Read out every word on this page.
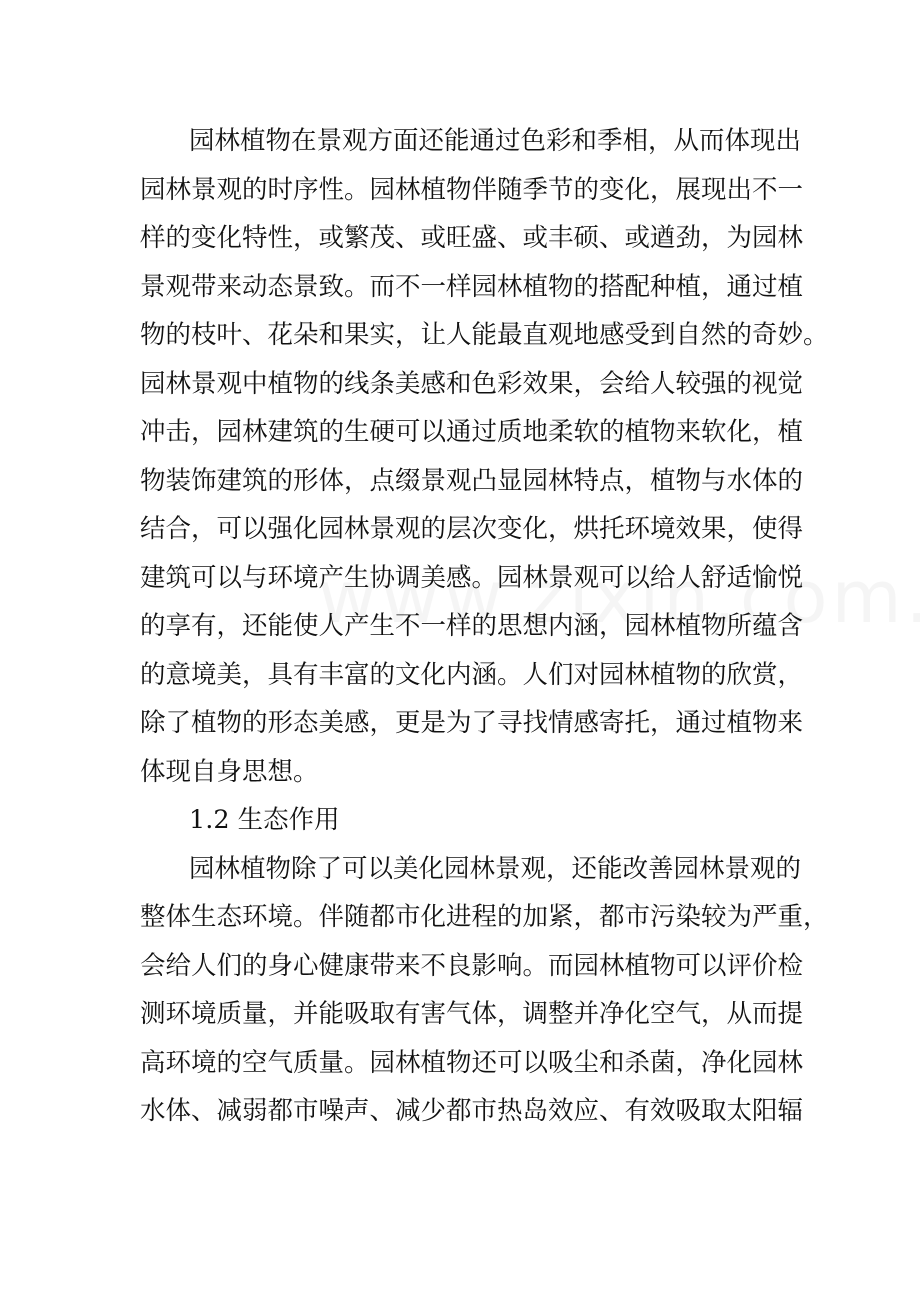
园林植物在景观方面还能通过色彩和季相，从而体现出
园林景观的时序性。园林植物伴随季节的变化，展现出不一
样的变化特性，或繁茂、或旺盛、或丰硕、或遒劲，为园林
景观带来动态景致。而不一样园林植物的搭配种植，通过植
物的枝叶、花朵和果实，让人能最直观地感受到自然的奇妙。
园林景观中植物的线条美感和色彩效果，会给人较强的视觉
冲击，园林建筑的生硬可以通过质地柔软的植物来软化，植
物装饰建筑的形体，点缀景观凸显园林特点，植物与水体的
结合，可以强化园林景观的层次变化，烘托环境效果，使得
建筑可以与环境产生协调美感。园林景观可以给人舒适愉悦
的享有，还能使人产生不一样的思想内涵，园林植物所蕴含
的意境美，具有丰富的文化内涵。人们对园林植物的欣赏，
除了植物的形态美感，更是为了寻找情感寄托，通过植物来
体现自身思想。
1.2 生态作用
园林植物除了可以美化园林景观，还能改善园林景观的
整体生态环境。伴随都市化进程的加紧，都市污染较为严重，
会给人们的身心健康带来不良影响。而园林植物可以评价检
测环境质量，并能吸取有害气体，调整并净化空气，从而提
高环境的空气质量。园林植物还可以吸尘和杀菌，净化园林
水体、减弱都市噪声、减少都市热岛效应、有效吸取太阳辐
